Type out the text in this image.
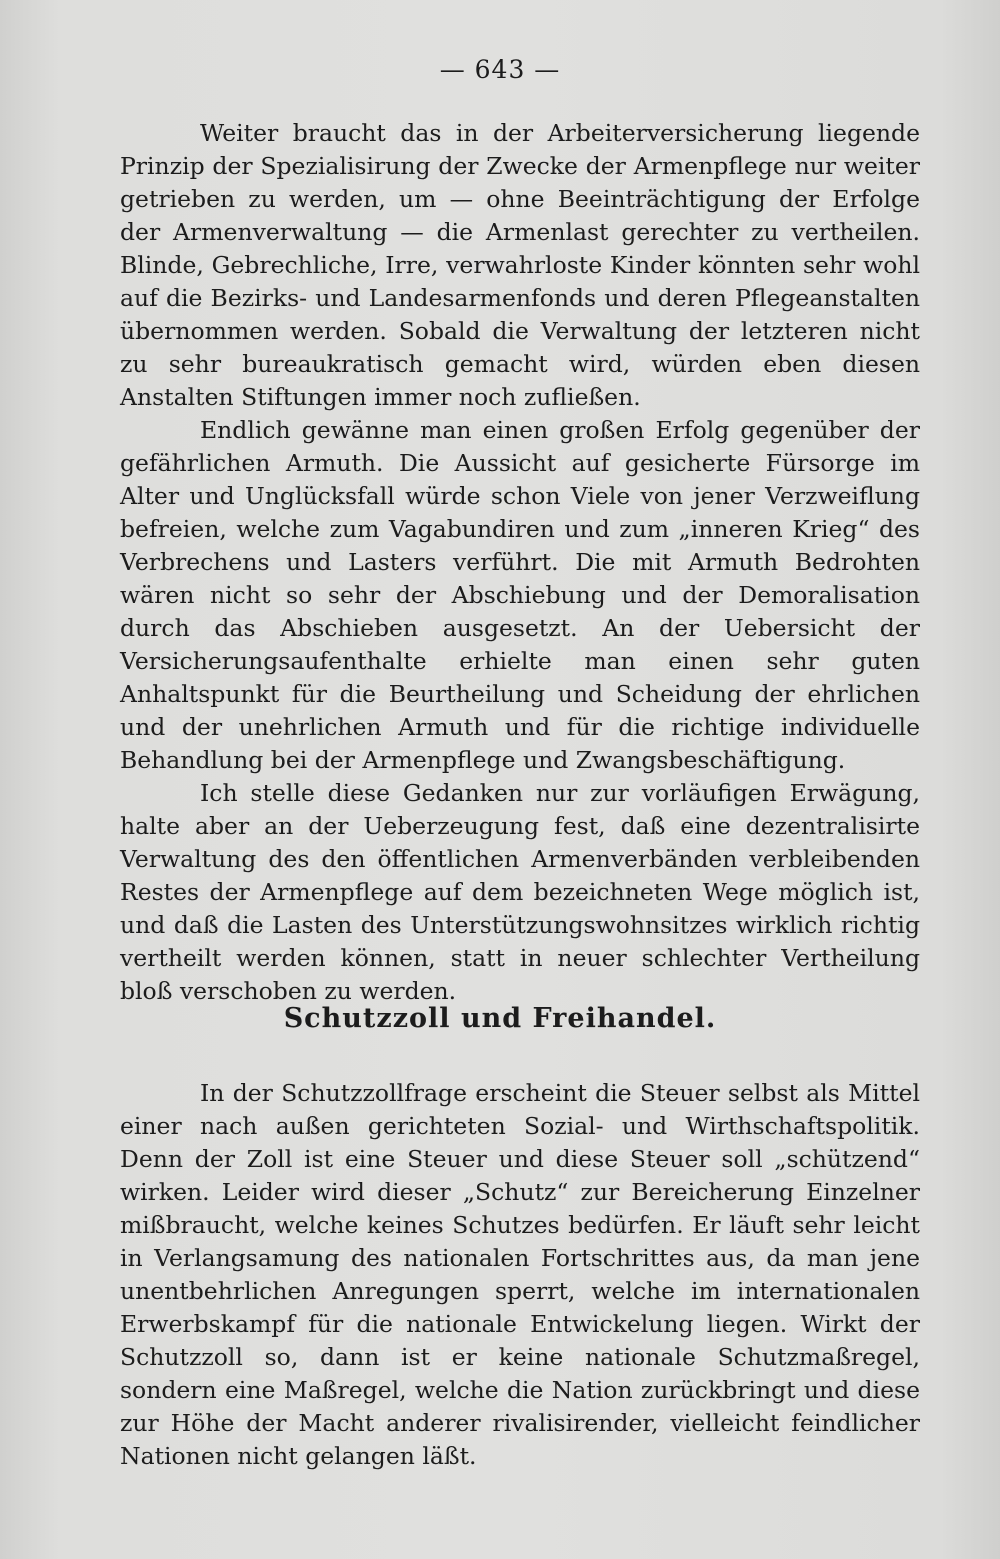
— 643 —

Weiter braucht das in der Arbeiterversicherung liegende Prinzip der Spezialisirung der Zwecke der Armenpflege nur weiter getrieben zu werden, um — ohne Beeinträchtigung der Erfolge der Armenverwaltung — die Armenlast gerechter zu vertheilen. Blinde, Gebrechliche, Irre, verwahrloste Kinder könnten sehr wohl auf die Bezirks- und Landesarmenfonds und deren Pflegeanstalten übernommen werden. Sobald die Verwaltung der letzteren nicht zu sehr bureaukratisch gemacht wird, würden eben diesen Anstalten Stiftungen immer noch zufließen.

Endlich gewänne man einen großen Erfolg gegenüber der gefährlichen Armuth. Die Aussicht auf gesicherte Fürsorge im Alter und Unglücksfall würde schon Viele von jener Verzweiflung befreien, welche zum Vagabundiren und zum „inneren Krieg“ des Verbrechens und Lasters verführt. Die mit Armuth Bedrohten wären nicht so sehr der Abschiebung und der Demoralisation durch das Abschieben ausgesetzt. An der Uebersicht der Versicherungsaufenthalte erhielte man einen sehr guten Anhaltspunkt für die Beurtheilung und Scheidung der ehrlichen und der unehrlichen Armuth und für die richtige individuelle Behandlung bei der Armenpflege und Zwangsbeschäftigung.

Ich stelle diese Gedanken nur zur vorläufigen Erwägung, halte aber an der Ueberzeugung fest, daß eine dezentralisirte Verwaltung des den öffentlichen Armenverbänden verbleibenden Restes der Armenpflege auf dem bezeichneten Wege möglich ist, und daß die Lasten des Unterstützungswohnsitzes wirklich richtig vertheilt werden können, statt in neuer schlechter Vertheilung bloß verschoben zu werden.

Schutzzoll und Freihandel.

In der Schutzzollfrage erscheint die Steuer selbst als Mittel einer nach außen gerichteten Sozial- und Wirthschaftspolitik. Denn der Zoll ist eine Steuer und diese Steuer soll „schützend“ wirken. Leider wird dieser „Schutz“ zur Bereicherung Einzelner mißbraucht, welche keines Schutzes bedürfen. Er läuft sehr leicht in Verlangsamung des nationalen Fortschrittes aus, da man jene unentbehrlichen Anregungen sperrt, welche im internationalen Erwerbskampf für die nationale Entwickelung liegen. Wirkt der Schutzzoll so, dann ist er keine nationale Schutzmaßregel, sondern eine Maßregel, welche die Nation zurückbringt und diese zur Höhe der Macht anderer rivalisirender, vielleicht feindlicher Nationen nicht gelangen läßt.
